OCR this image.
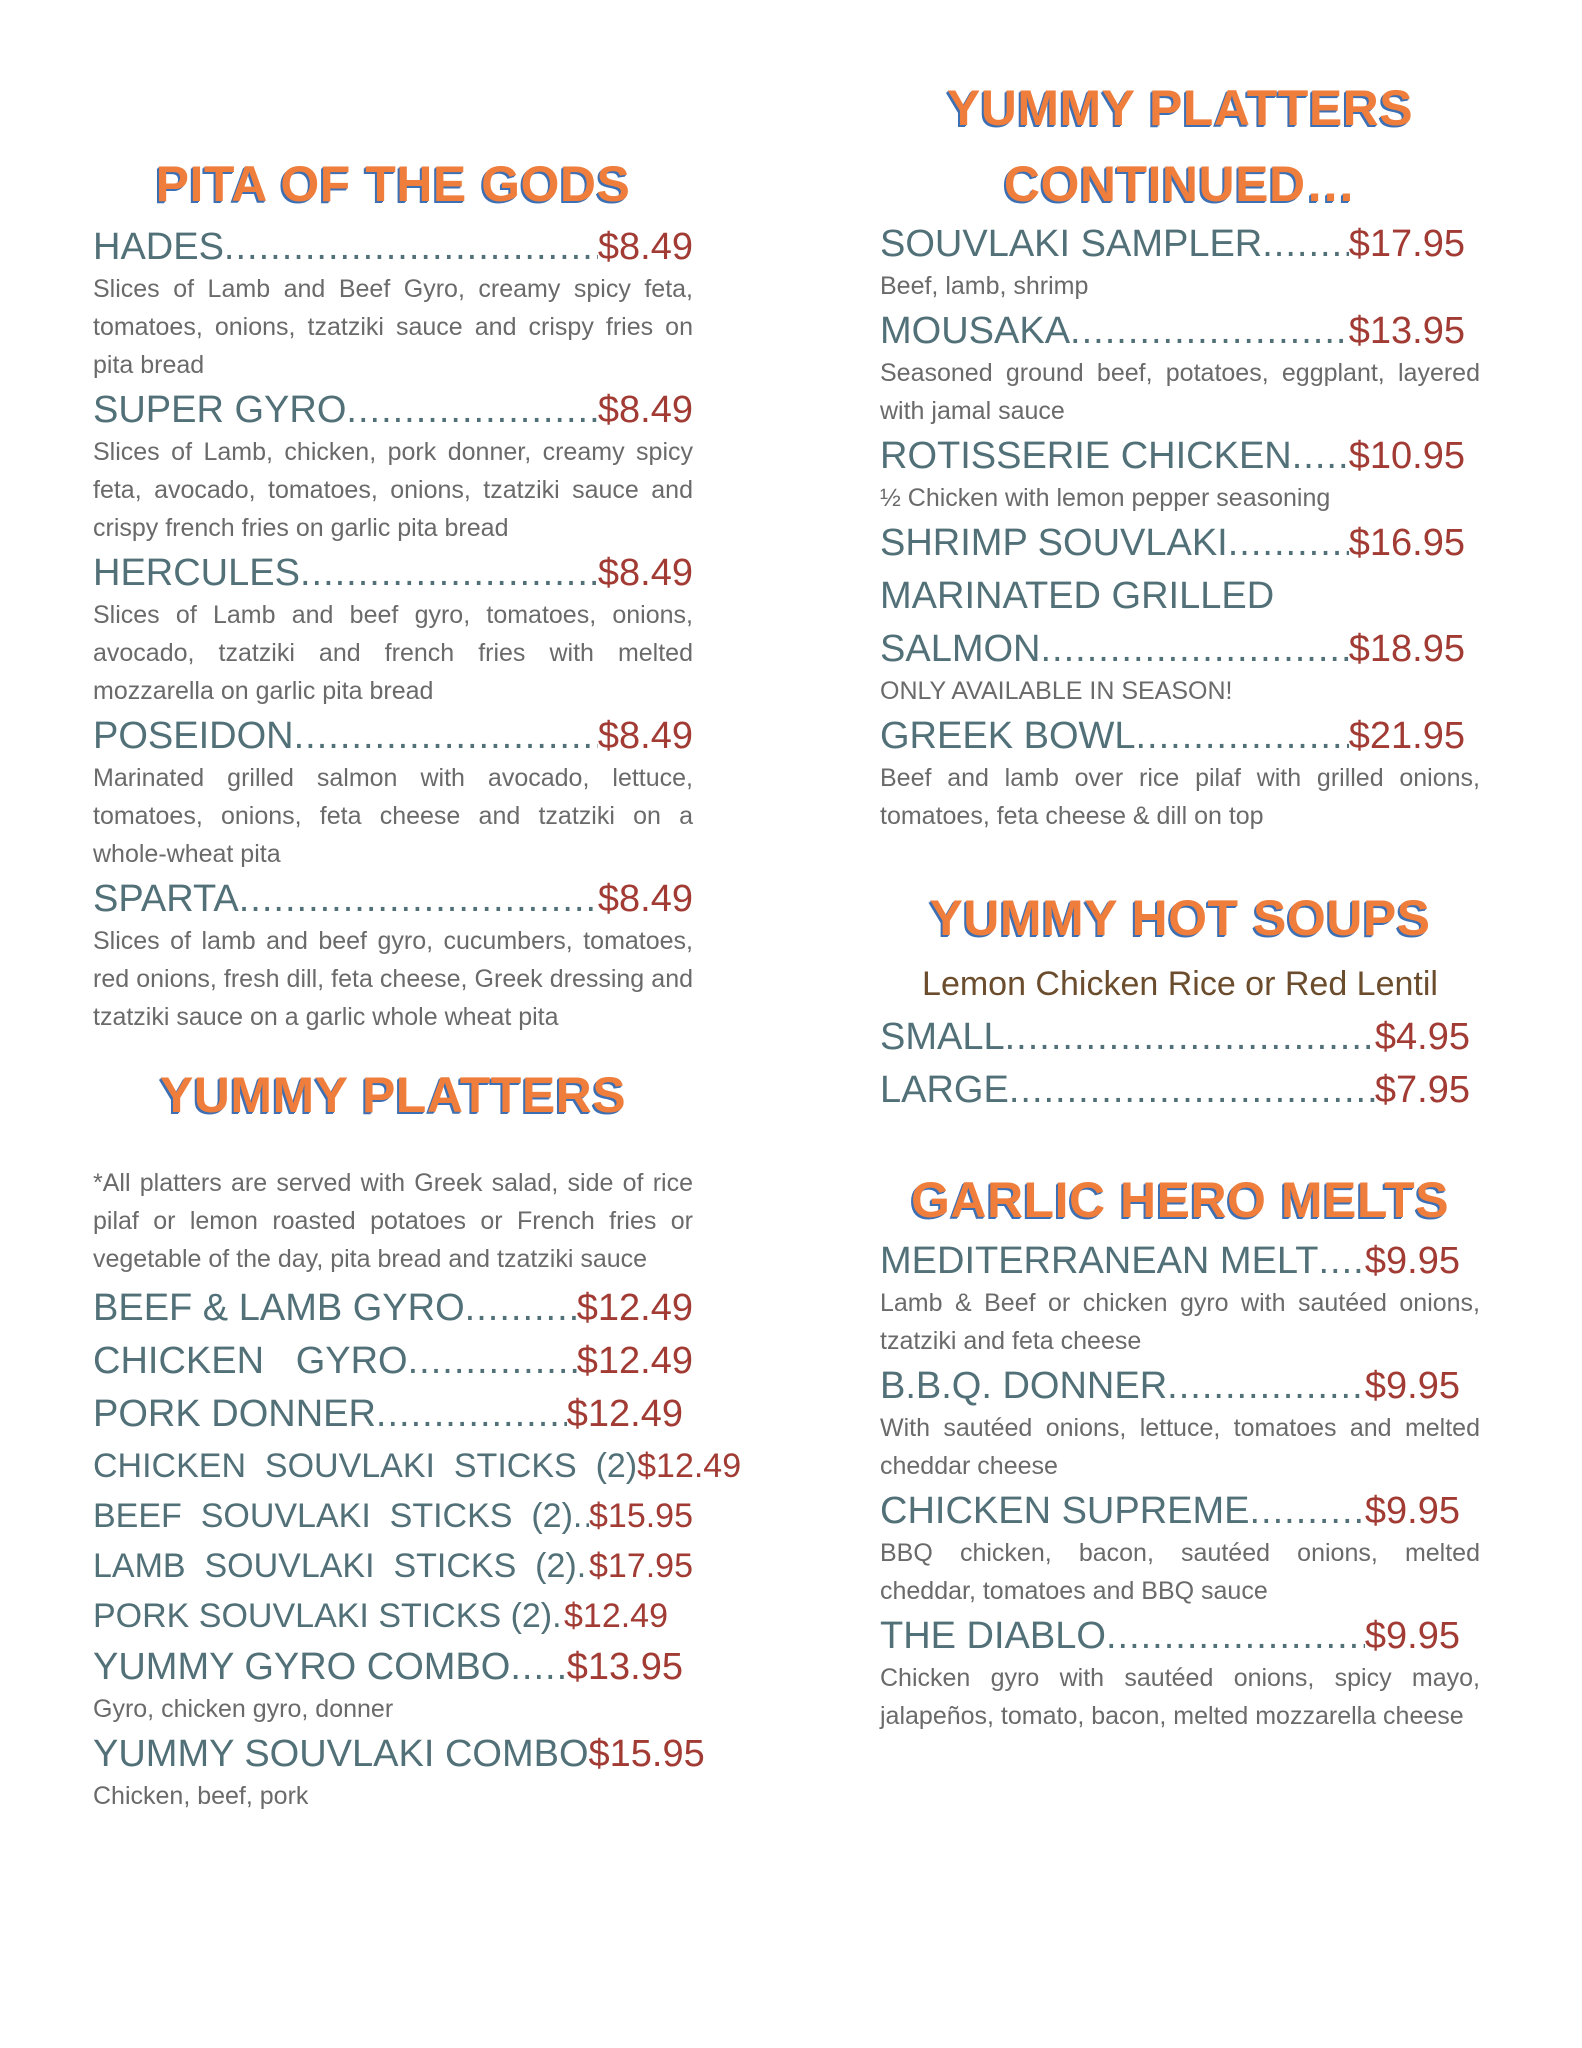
PITA OF THE GODS
HADES .....	$8.49

Slices of Lamb and Beef Gyro, creamy spicy feta, tomatoes, onions, tzatziki sauce and crispy fries on pita bread

SUPER GYRO .....	$8.49

Slices of Lamb, chicken, pork donner, creamy spicy feta, avocado, tomatoes, onions, tzatziki sauce and crispy french fries on garlic pita bread

HERCULES .....	$8.49

Slices of Lamb and beef gyro, tomatoes, onions, avocado, tzatziki and french fries with melted mozzarella on garlic pita bread

POSEIDON .....	$8.49

Marinated grilled salmon with avocado, lettuce, tomatoes, onions, feta cheese and tzatziki on a whole-wheat pita

SPARTA .....	$8.49

Slices of lamb and beef gyro, cucumbers, tomatoes, red onions, fresh dill, feta cheese, Greek dressing and tzatziki sauce on a garlic whole wheat pita

YUMMY PLATTERS

*All platters are served with Greek salad, side of rice pilaf or lemon roasted potatoes or French fries or vegetable of the day, pita bread and tzatziki sauce

BEEF & LAMB GYRO .....	$12.49
CHICKEN   GYRO .....	$12.49
PORK DONNER .....	$12.49
CHICKEN  SOUVLAKI  STICKS  (2) $12.49
BEEF  SOUVLAKI  STICKS  (2) ..... $15.95
LAMB  SOUVLAKI  STICKS  (2) ..... $17.95
PORK SOUVLAKI STICKS (2) ..... $12.49
YUMMY GYRO COMBO ..... $13.95

Gyro, chicken gyro, donner

YUMMY SOUVLAKI COMBO $15.95

Chicken, beef, pork

YUMMY PLATTERS
CONTINUED…
SOUVLAKI SAMPLER ..... $17.95

Beef, lamb, shrimp

MOUSAKA .....	$13.95

Seasoned ground beef, potatoes, eggplant, layered with jamal sauce

ROTISSERIE CHICKEN ..... $10.95

½ Chicken with lemon pepper seasoning

SHRIMP SOUVLAKI .....	$16.95

MARINATED GRILLED

SALMON .....	$18.95

ONLY AVAILABLE IN SEASON!

GREEK BOWL .....	$21.95

Beef and lamb over rice pilaf with grilled onions, tomatoes, feta cheese & dill on top

YUMMY HOT SOUPS

Lemon Chicken Rice or Red Lentil

SMALL .....	$4.95
LARGE .....	$7.95
GARLIC HERO MELTS
MEDITERRANEAN MELT ..... $9.95

Lamb & Beef or chicken gyro with sautéed onions, tzatziki and feta cheese

B.B.Q. DONNER .....	$9.95

With sautéed onions, lettuce, tomatoes and melted cheddar cheese

CHICKEN SUPREME .....	$9.95

BBQ chicken, bacon, sautéed onions, melted cheddar, tomatoes and BBQ sauce

THE DIABLO .....	$9.95

Chicken gyro with sautéed onions, spicy mayo, jalapeños, tomato, bacon, melted mozzarella cheese
